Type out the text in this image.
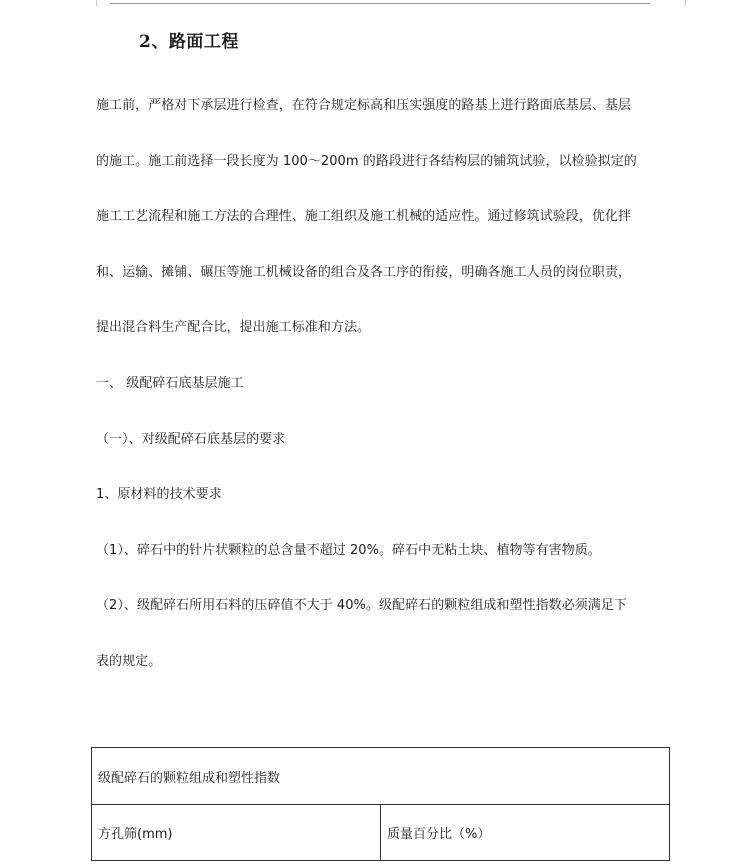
2、路面工程
施工前，严格对下承层进行检查，在符合规定标高和压实强度的路基上进行路面底基层、基层
的施工。施工前选择一段长度为 100～200m 的路段进行各结构层的铺筑试验，以检验拟定的
施工工艺流程和施工方法的合理性、施工组织及施工机械的适应性。通过修筑试验段，优化拌
和、运输、摊铺、碾压等施工机械设备的组合及各工序的衔接，明确各施工人员的岗位职责，
提出混合料生产配合比，提出施工标准和方法。
一、 级配碎石底基层施工
（一）、对级配碎石底基层的要求
1、原材料的技术要求
（1）、碎石中的针片状颗粒的总含量不超过 20%。碎石中无粘土块、植物等有害物质。
（2）、级配碎石所用石料的压碎值不大于 40%。级配碎石的颗粒组成和塑性指数必须满足下
表的规定。
级配碎石的颗粒组成和塑性指数
方孔筛(mm)	质量百分比（%）
